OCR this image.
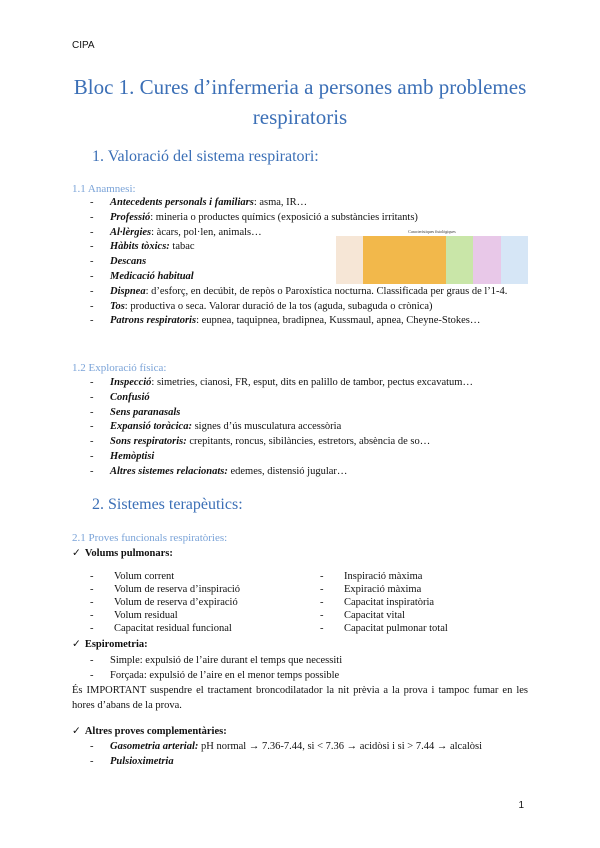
CIPA
Bloc 1. Cures d’infermeria a persones amb problemes respiratoris
1. Valoració del sistema respiratori:
1.1 Anamnesi:
- Antecedents personals i familiars: asma, IR…
- Professió: mineria o productes químics (exposició a substàncies irritants)
- Al·lèrgies: àcars, pol·len, animals…
- Hàbits tòxics: tabac
- Descans
- Medicació habitual
- Dispnea: d’esforç, en decúbit, de repòs o Paroxística nocturna. Classificada per graus de l’1-4.
- Tos: productiva o seca. Valorar duració de la tos (aguda, subaguda o crònica)
- Patrons respiratoris: eupnea, taquipnea, bradipnea, Kussmaul, apnea, Cheyne-Stokes…
Característiques fisiològiques
1.2 Exploració física:
- Inspecció: simetries, cianosi, FR, esput, dits en palillo de tambor, pectus excavatum…
- Confusió
- Sens paranasals
- Expansió toràcica: signes d’ús musculatura accessòria
- Sons respiratoris: crepitants, roncus, sibilàncies, estretors, absència de so…
- Hemòptisi
- Altres sistemes relacionats: edemes, distensió jugular…
2. Sistemes terapèutics:
2.1 Proves funcionals respiratòries:
✓ Volums pulmonars:
- Volum corrent
- Volum de reserva d’inspiració
- Volum de reserva d’expiració
- Volum residual
- Capacitat residual funcional
- Inspiració màxima
- Expiració màxima
- Capacitat inspiratòria
- Capacitat vital
- Capacitat pulmonar total
✓ Espirometria:
- Simple: expulsió de l’aire durant el temps que necessiti
- Forçada: expulsió de l’aire en el menor temps possible
És IMPORTANT suspendre el tractament broncodilatador la nit prèvia a la prova i tampoc fumar en les hores d’abans de la prova.
✓ Altres proves complementàries:
- Gasometria arterial: pH normal → 7.36-7.44, si < 7.36 → acidòsi i si > 7.44 → alcalòsi
- Pulsioximetria
1
